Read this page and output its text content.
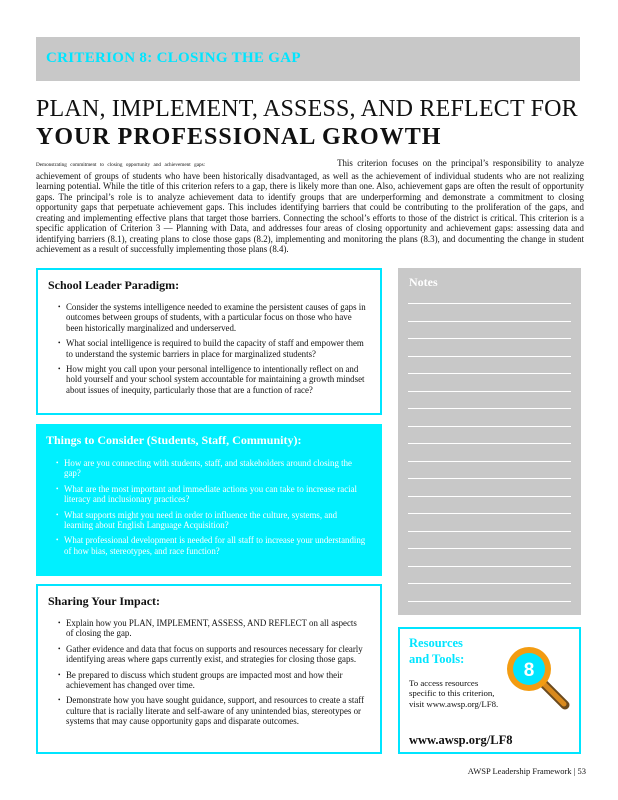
CRITERION 8: CLOSING THE GAP
PLAN, IMPLEMENT, ASSESS, AND REFLECT FOR
YOUR PROFESSIONAL GROWTH
Demonstrating commitment to closing opportunity and achievement gaps:	This criterion focuses on the principal’s responsibility to analyze achievement of groups of students who have been historically disadvantaged, as well as the achievement of individual students who are not realizing learning potential. While the title of this criterion refers to a gap, there is likely more than one. Also, achievement gaps are often the result of opportunity gaps. The principal’s role is to analyze achievement data to identify groups that are underperforming and demonstrate a commitment to closing opportunity gaps that perpetuate achievement gaps. This includes identifying barriers that could be contributing to the proliferation of the gaps, and creating and implementing effective plans that target those barriers. Connecting the school’s efforts to those of the district is critical. This criterion is a specific application of Criterion 3 — Planning with Data, and addresses four areas of closing opportunity and achievement gaps: assessing data and identifying barriers (8.1), creating plans to close those gaps (8.2), implementing and monitoring the plans (8.3), and documenting the change in student achievement as a result of successfully implementing those plans (8.4).
School Leader Paradigm:
• Consider the systems intelligence needed to examine the persistent causes of gaps in outcomes between groups of students, with a particular focus on those who have been historically marginalized and underserved.
• What social intelligence is required to build the capacity of staff and empower them to understand the systemic barriers in place for marginalized students?
• How might you call upon your personal intelligence to intentionally reflect on and hold yourself and your school system accountable for maintaining a growth mindset about issues of inequity, particularly those that are a function of race?
Things to Consider (Students, Staff, Community):
• How are you connecting with students, staff, and stakeholders around closing the gap?
• What are the most important and immediate actions you can take to increase racial literacy and inclusionary practices?
• What supports might you need in order to influence the culture, systems, and learning about English Language Acquisition?
• What professional development is needed for all staff to increase your understanding of how bias, stereotypes, and race function?
Sharing Your Impact:
• Explain how you PLAN, IMPLEMENT, ASSESS, AND REFLECT on all aspects of closing the gap.
• Gather evidence and data that focus on supports and resources necessary for clearly identifying areas where gaps currently exist, and strategies for closing those gaps.
• Be prepared to discuss which student groups are impacted most and how their achievement has changed over time.
• Demonstrate how you have sought guidance, support, and resources to create a staff culture that is racially literate and self-aware of any unintended bias, stereotypes or systems that may cause opportunity gaps and disparate outcomes.
Notes
Resources
and Tools:
To access resources specific to this criterion, visit www.awsp.org/LF8.
www.awsp.org/LF8
8
AWSP Leadership Framework | 53
